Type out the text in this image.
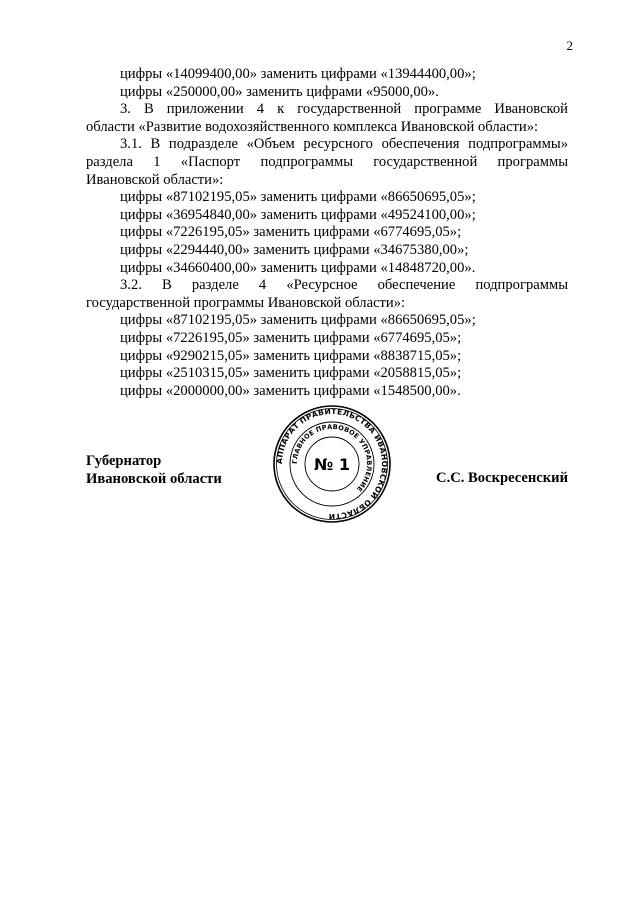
2

цифры «14099400,00» заменить цифрами «13944400,00»;

цифры «250000,00» заменить цифрами «95000,00».

3. В приложении 4 к государственной программе Ивановской

области «Развитие водохозяйственного комплекса Ивановской области»:

3.1. В подразделе «Объем ресурсного обеспечения подпрограммы»

раздела 1 «Паспорт подпрограммы государственной программы

Ивановской области»:

цифры «87102195,05» заменить цифрами «86650695,05»;

цифры «36954840,00» заменить цифрами «49524100,00»;

цифры «7226195,05» заменить цифрами «6774695,05»;

цифры «2294440,00» заменить цифрами «34675380,00»;

цифры «34660400,00» заменить цифрами «14848720,00».

3.2. В разделе 4 «Ресурсное обеспечение подпрограммы

государственной программы Ивановской области»:

цифры «87102195,05» заменить цифрами «86650695,05»;

цифры «7226195,05» заменить цифрами «6774695,05»;

цифры «9290215,05» заменить цифрами «8838715,05»;

цифры «2510315,05» заменить цифрами «2058815,05»;

цифры «2000000,00» заменить цифрами «1548500,00».

Губернатор
Ивановской области
АППАРАТ ПРАВИТЕЛЬСТВА ИВАНОВСКОЙ ОБЛАСТИ
ГЛАВНОЕ ПРАВОВОЕ УПРАВЛЕНИЕ
№ 1
С.С. Воскресенский
